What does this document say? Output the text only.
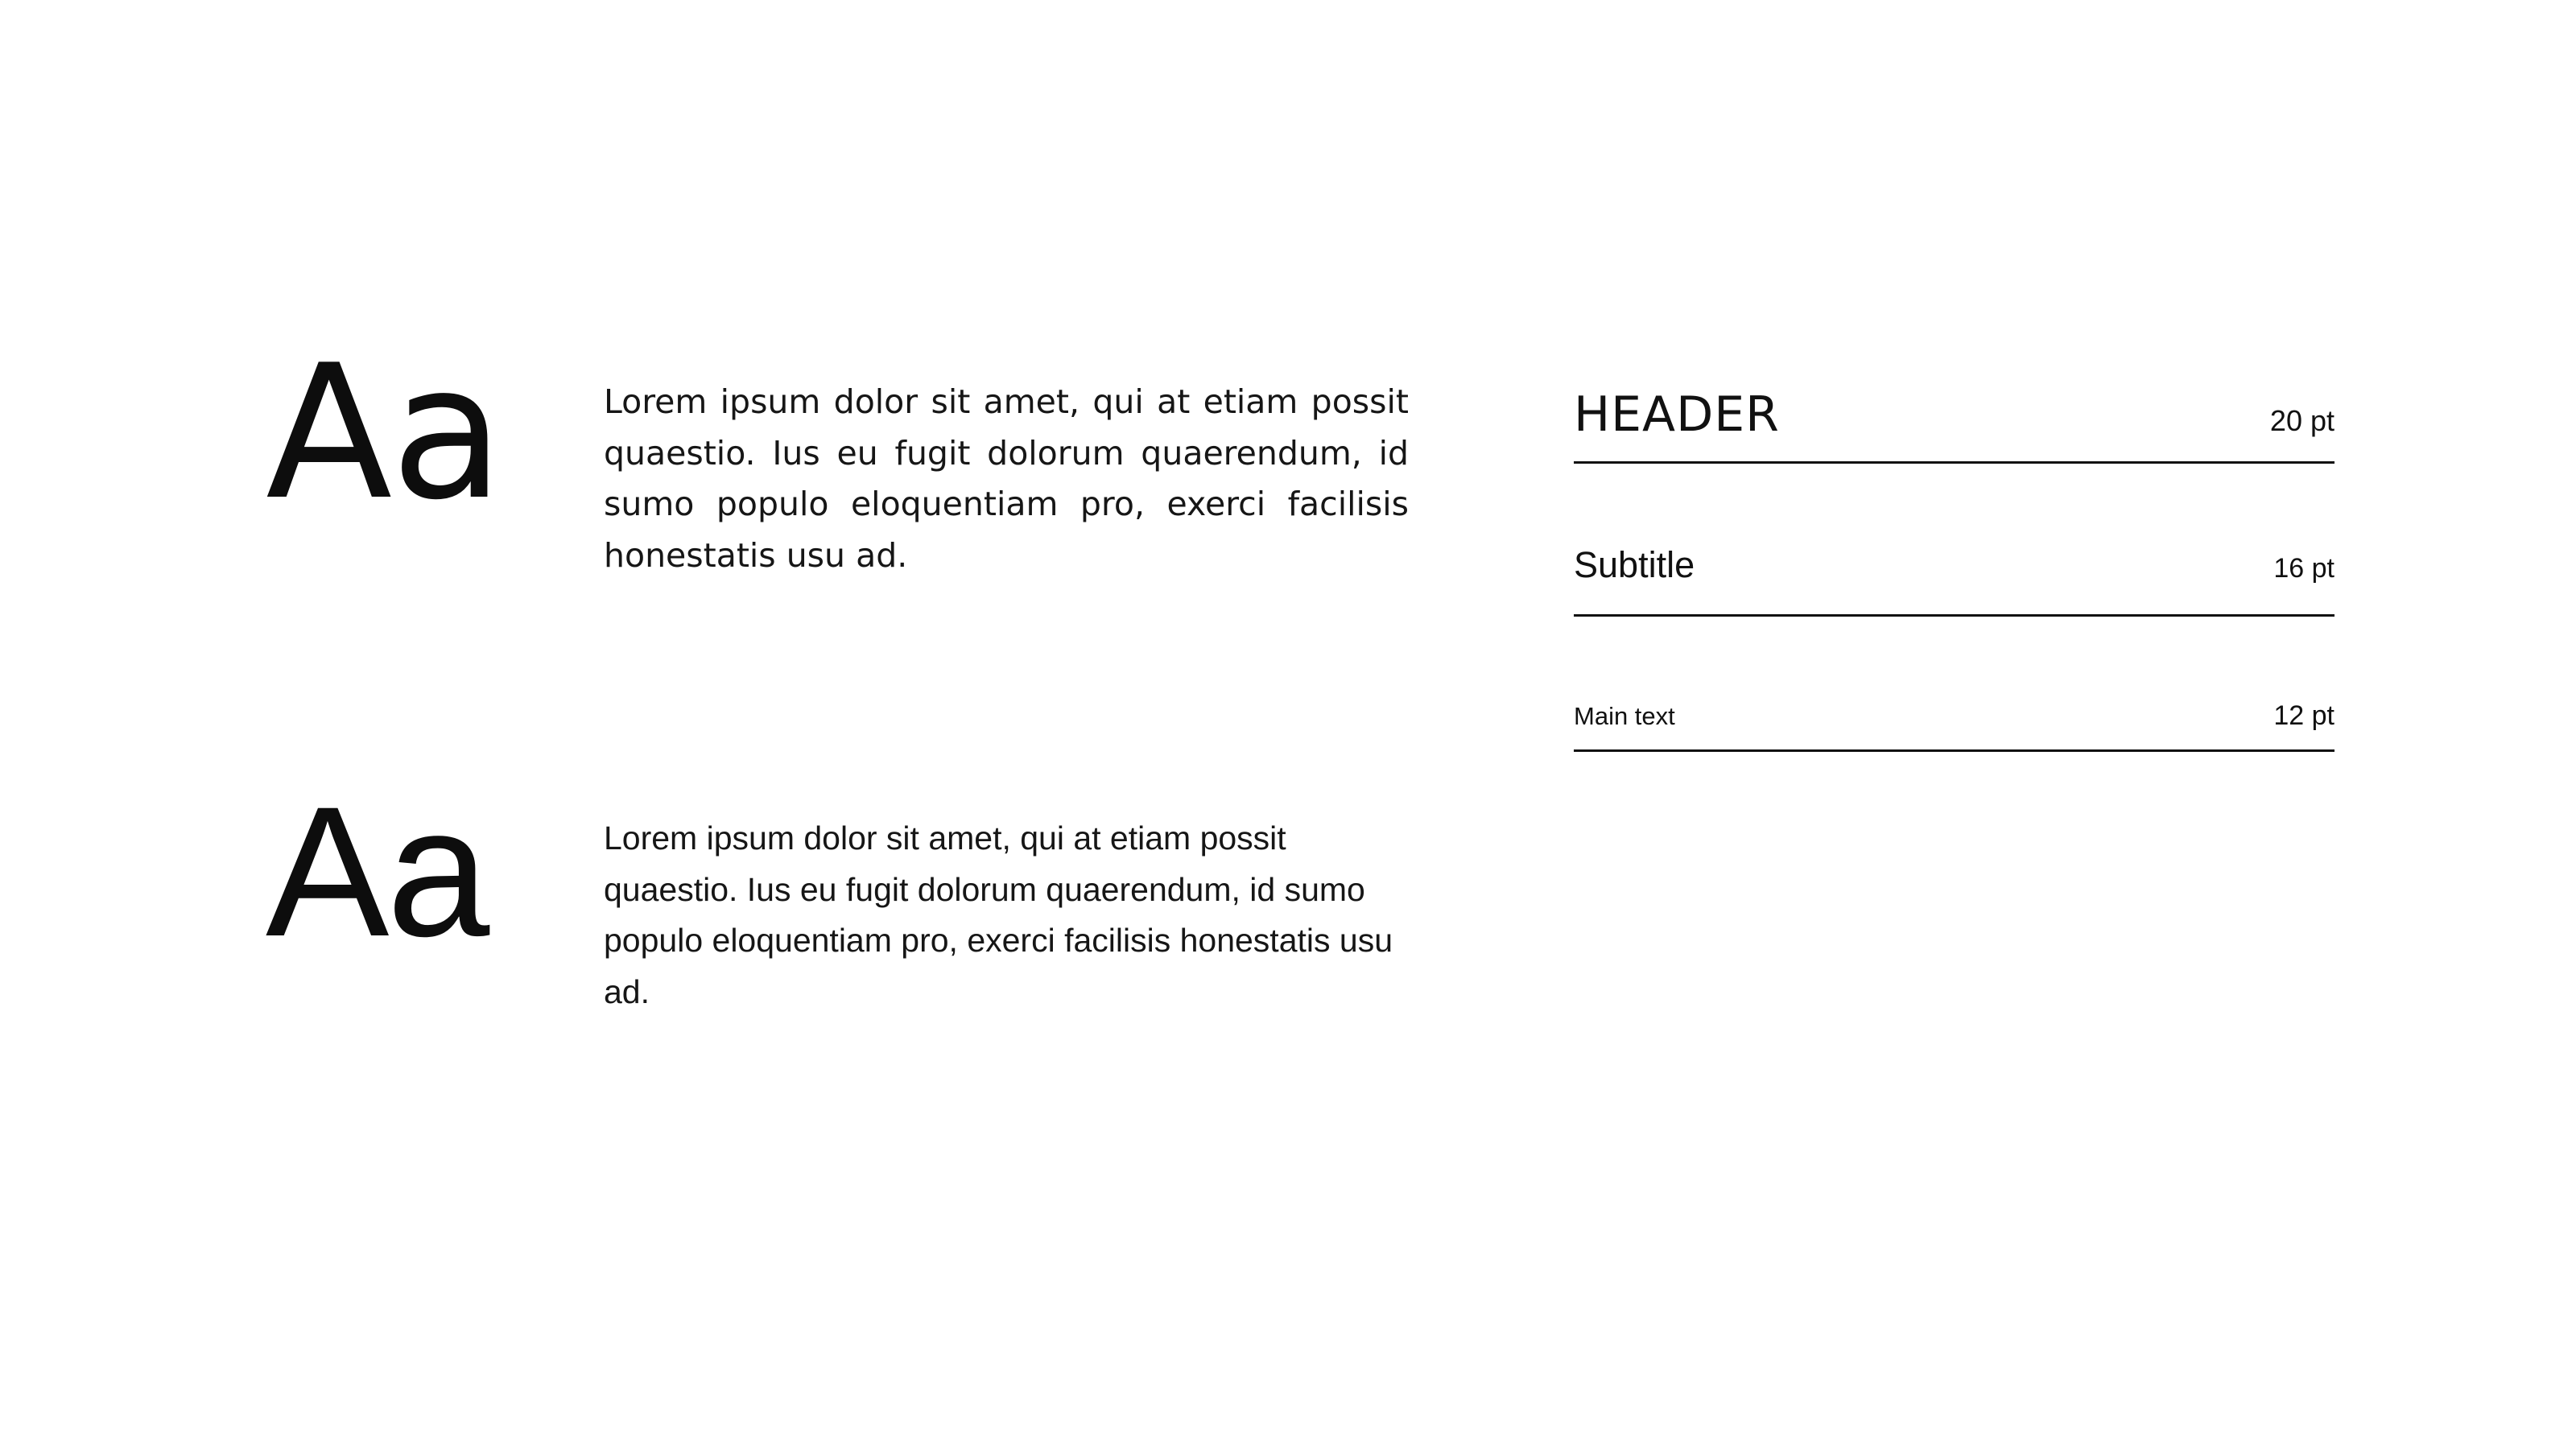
Aa	Lorem ipsum dolor sit amet, qui at etiam possit quaestio. Ius eu fugit dolorum quaerendum, id sumo populo eloquentiam pro, exerci facilisis honestatis usu ad.
Aa	Lorem ipsum dolor sit amet, qui at etiam possit quaestio. Ius eu fugit dolorum quaerendum, id sumo populo eloquentiam pro, exerci facilisis honestatis usu ad.
HEADER	20 pt
Subtitle	16 pt
Main text	12 pt
